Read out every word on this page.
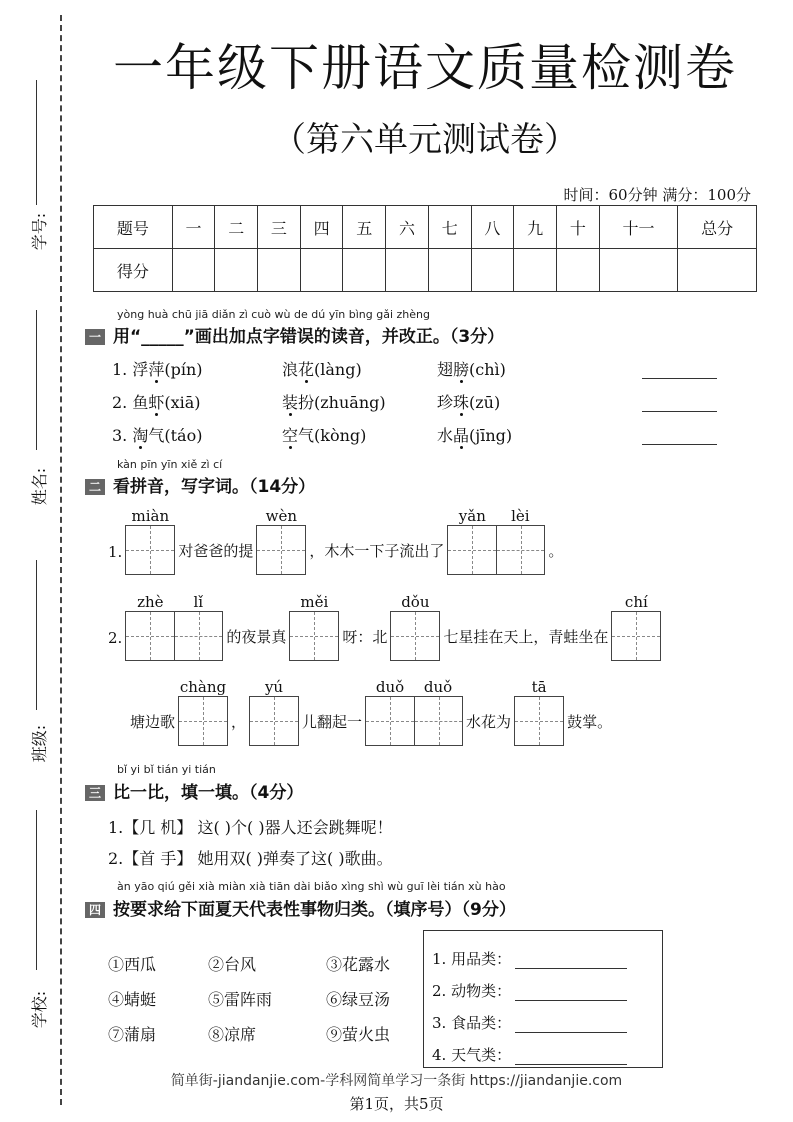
学号:
姓名:
班级:
学校:
一年级下册语文质量检测卷
（第六单元测试卷）
时间：60分钟 满分：100分
题号	一	二	三	四	五	六	七	八	九	十	十一	总分
得分												
yòng huà chū jiā diǎn zì cuò wù de dú yīn bìng gǎi zhèng
一 用“_____”画出加点字错误的读音，并改正。（3分）
1. 浮萍(pín)	浪花(làng)	翅膀(chì)
2. 鱼虾(xiā)	装扮(zhuāng)	珍珠(zū)
3. 淘气(táo)	空气(kòng)	水晶(jīng)
kàn pīn yīn xiě zì cí
二 看拼音，写字词。（14分）
1.
miàn
对爸爸的提
wèn
，木木一下子流出了
yǎn	lèi
。
2.
zhè	lǐ
的夜景真
měi
呀：北
dǒu
七星挂在天上，青蛙坐在
chí
塘边歌
chàng
，
yú
儿翻起一
duǒ	duǒ
水花为
tā
鼓掌。
bǐ yi bǐ tián yi tián
三 比一比，填一填。（4分）
1.【几 机】 这( )个( )器人还会跳舞呢！
2.【首 手】 她用双( )弹奏了这( )歌曲。
àn yāo qiú gěi xià miàn xià tiān dài biǎo xìng shì wù guī lèi tián xù hào
四 按要求给下面夏天代表性事物归类。（填序号）（9分）
①西瓜	②台风	③花露水
④蜻蜓	⑤雷阵雨	⑥绿豆汤
⑦蒲扇	⑧凉席	⑨萤火虫
1. 用品类：
2. 动物类：
3. 食品类：
4. 天气类：
简单街-jiandanjie.com-学科网简单学习一条街 https://jiandanjie.com
第1页，共5页
